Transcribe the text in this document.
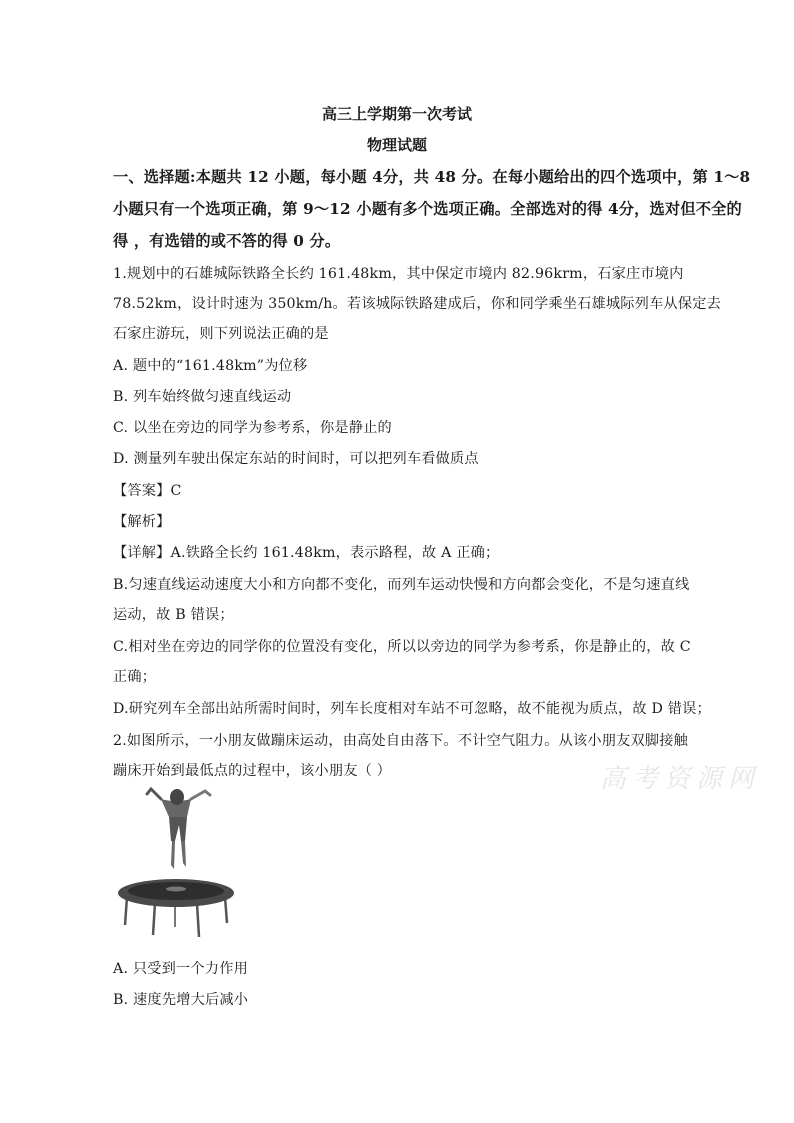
高三上学期第一次考试
物理试题
一、选择题:本题共 12 小题，每小题 4分，共 48 分。在每小题给出的四个选项中，第 1～8
小题只有一个选项正确，第 9～12 小题有多个选项正确。全部选对的得 4分，选对但不全的
得 ，有选错的或不答的得 0 分。
1.规划中的石雄城际铁路全长约 161.48km，其中保定市境内 82.96krm，石家庄市境内
78.52km，设计时速为 350km/h。若该城际铁路建成后，你和同学乘坐石雄城际列车从保定去
石家庄游玩，则下列说法正确的是
A. 题中的“161.48km”为位移
B. 列车始终做匀速直线运动
C. 以坐在旁边的同学为参考系，你是静止的
D. 测量列车驶出保定东站的时间时，可以把列车看做质点
【答案】C
【解析】
【详解】A.铁路全长约 161.48km，表示路程，故 A 正确；
B.匀速直线运动速度大小和方向都不变化，而列车运动快慢和方向都会变化，不是匀速直线
运动，故 B 错误；
C.相对坐在旁边的同学你的位置没有变化，所以以旁边的同学为参考系，你是静止的，故 C
正确；
D.研究列车全部出站所需时间时，列车长度相对车站不可忽略，故不能视为质点，故 D 错误；
2.如图所示，一小朋友做蹦床运动，由高处自由落下。不计空气阻力。从该小朋友双脚接触
蹦床开始到最低点的过程中，该小朋友（ ）	高考资源网
A. 只受到一个力作用
B. 速度先增大后减小
